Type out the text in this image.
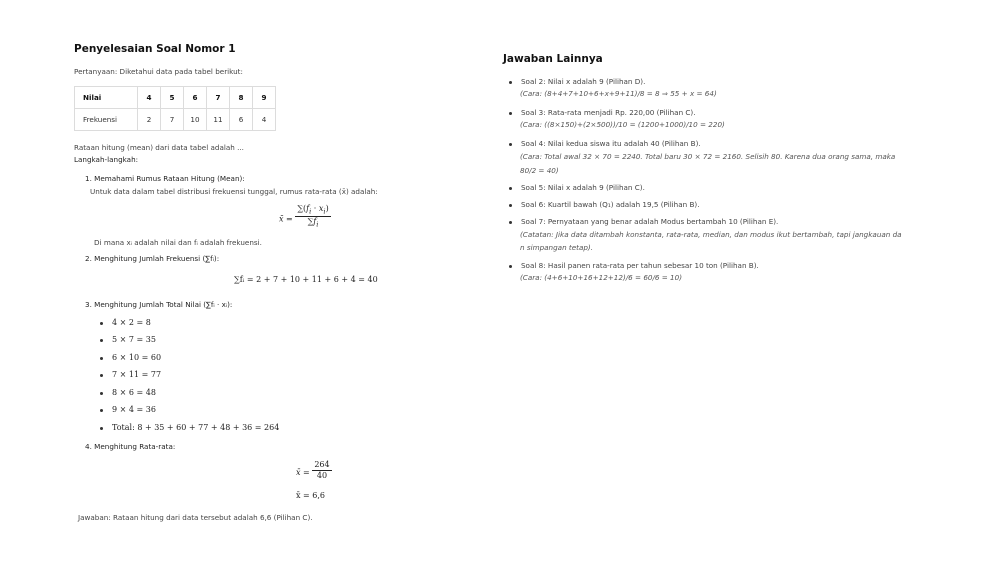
Penyelesaian Soal Nomor 1
Pertanyaan: Diketahui data pada tabel berikut:
Nilai	4	5	6	7	8	9
Frekuensi	2	7	10	11	6	4
Rataan hitung (mean) dari data tabel adalah ...
Langkah-langkah:
1. Memahami Rumus Rataan Hitung (Mean):
Untuk data dalam tabel distribusi frekuensi tunggal, rumus rata-rata (x̄) adalah:
x̄ = $\frac{\sum(f_i \cdot x_i)}{\sum f_i}$
Di mana xᵢ adalah nilai dan fᵢ adalah frekuensi.
2. Menghitung Jumlah Frekuensi (∑fᵢ):
∑fᵢ = 2 + 7 + 10 + 11 + 6 + 4 = 40
3. Menghitung Jumlah Total Nilai (∑fᵢ · xᵢ):
4 × 2 = 8
5 × 7 = 35
6 × 10 = 60
7 × 11 = 77
8 × 6 = 48
9 × 4 = 36
Total: 8 + 35 + 60 + 77 + 48 + 36 = 264
4. Menghitung Rata-rata:
x̄ = $\frac{264}{40}$
x̄ = 6,6
Jawaban: Rataan hitung dari data tersebut adalah 6,6 (Pilihan C).
Jawaban Lainnya
Soal 2: Nilai x adalah 9 (Pilihan D).
(Cara: (8+4+7+10+6+x+9+11)/8 = 8 ⇒ 55 + x = 64)
Soal 3: Rata-rata menjadi Rp. 220,00 (Pilihan C).
(Cara: ((8×150)+(2×500))/10 = (1200+1000)/10 = 220)
Soal 4: Nilai kedua siswa itu adalah 40 (Pilihan B).
(Cara: Total awal 32 × 70 = 2240. Total baru 30 × 72 = 2160. Selisih 80. Karena dua orang sama, maka
80/2 = 40)
Soal 5: Nilai x adalah 9 (Pilihan C).
Soal 6: Kuartil bawah (Q₁) adalah 19,5 (Pilihan B).
Soal 7: Pernyataan yang benar adalah Modus bertambah 10 (Pilihan E).
(Catatan: Jika data ditambah konstanta, rata-rata, median, dan modus ikut bertambah, tapi jangkauan da
n simpangan tetap).
Soal 8: Hasil panen rata-rata per tahun sebesar 10 ton (Pilihan B).
(Cara: (4+6+10+16+12+12)/6 = 60/6 = 10)
